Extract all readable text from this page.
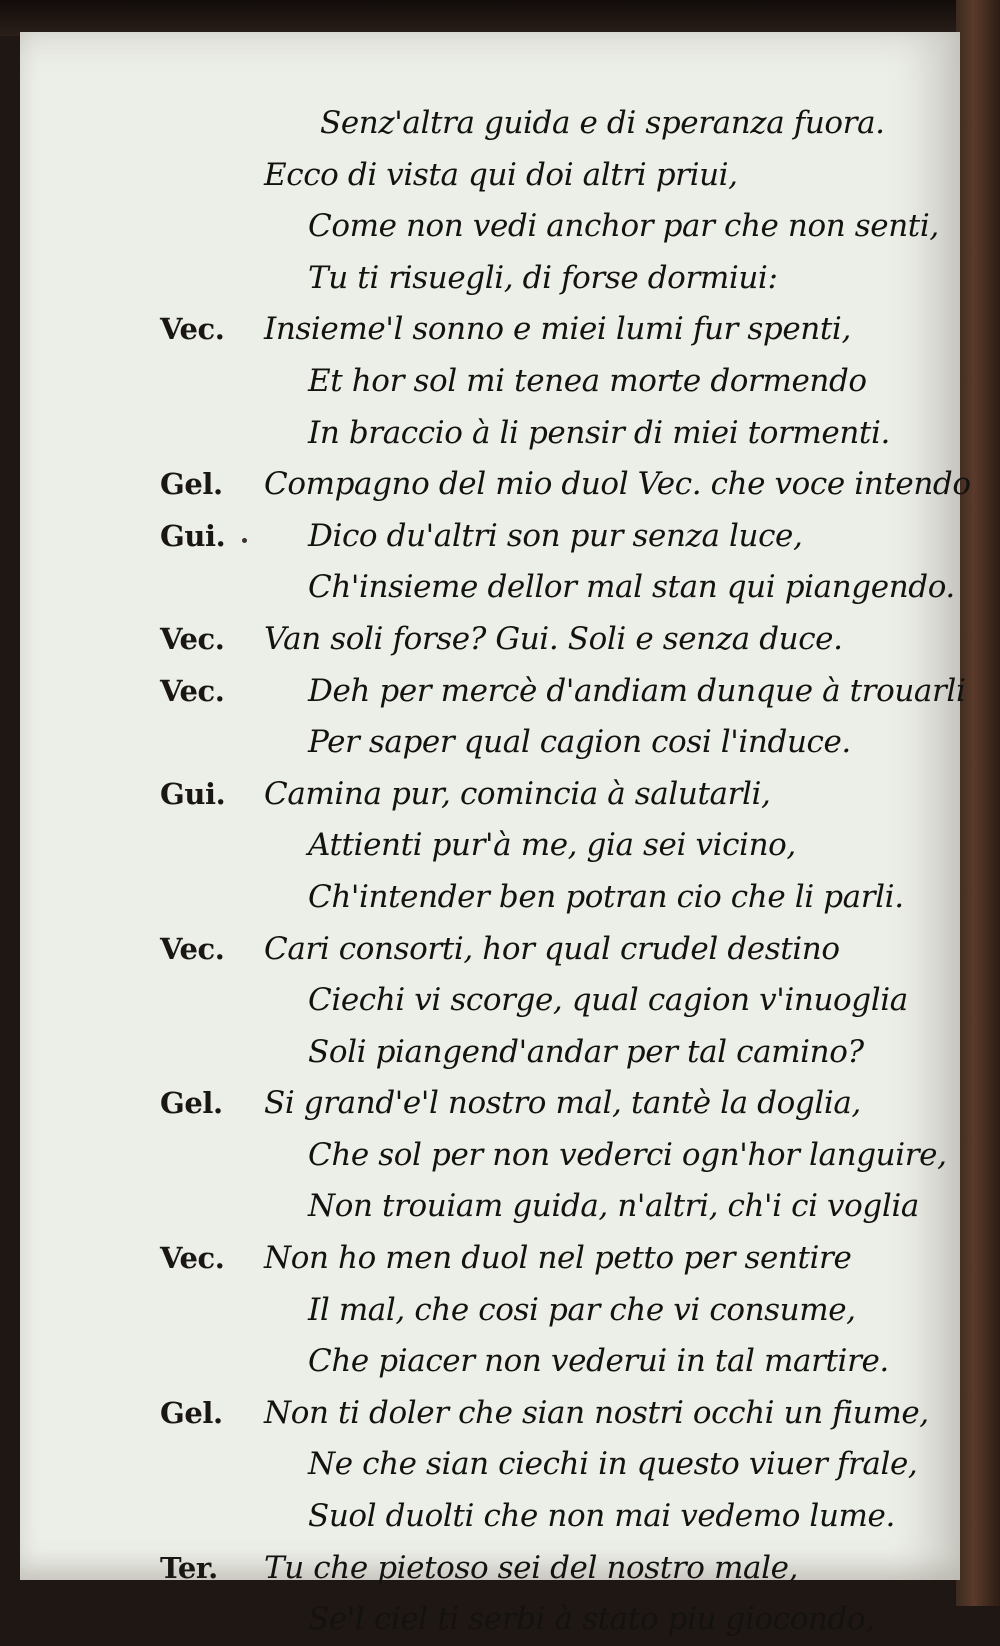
Senz'altra guida e di speranza fuora.
Ecco di vista qui doi altri priui,
Come non vedi anchor par che non senti,
Tu ti risuegli, di forse dormiui:
Vec. Insieme'l sonno e miei lumi fur spenti,
Et hor sol mi tenea morte dormendo
In braccio à li pensir di miei tormenti.
Gel. Compagno del mio duol Vec. che voce intendo
Gui.	Dico du'altri son pur senza luce,
Ch'insieme dellor mal stan qui piangendo.
Vec. Van soli forse? Gui. Soli e senza duce.
Vec.	Deh per mercè d'andiam dunque à trouarli
Per saper qual cagion cosi l'induce.
Gui. Camina pur, comincia à salutarli,
Attienti pur'à me, gia sei vicino,
Ch'intender ben potran cio che li parli.
Vec. Cari consorti, hor qual crudel destino
Ciechi vi scorge, qual cagion v'inuoglia
Soli piangend'andar per tal camino?
Gel. Si grand'e'l nostro mal, tantè la doglia,
Che sol per non vederci ogn'hor languire,
Non trouiam guida, n'altri, ch'i ci voglia
Vec. Non ho men duol nel petto per sentire
Il mal, che cosi par che vi consume,
Che piacer non vederui in tal martire.
Gel. Non ti doler che sian nostri occhi un fiume,
Ne che sian ciechi in questo viuer frale,
Suol duolti che non mai vedemo lume.
Ter. Tu che pietoso sei del nostro male,
Se'l ciel ti serbi à stato piu giocondo,
